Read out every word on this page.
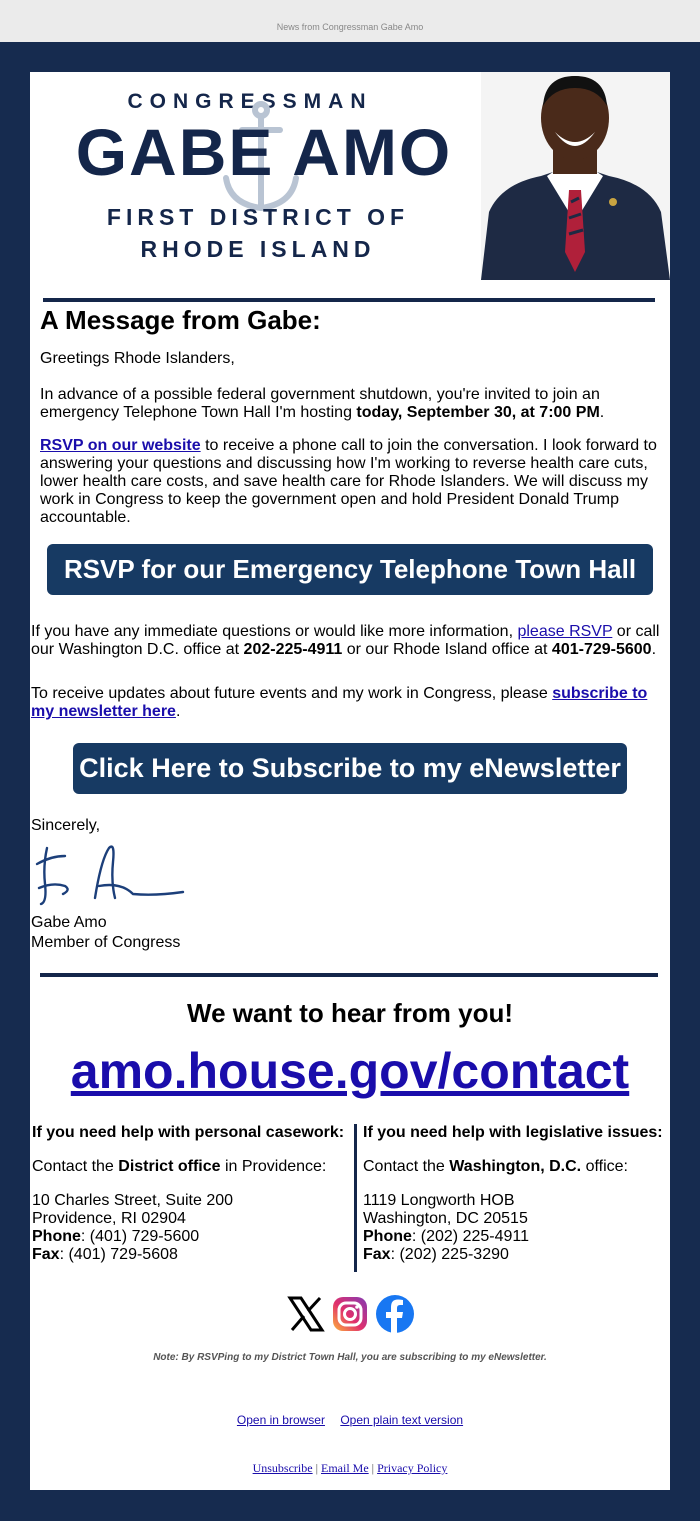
News from Congressman Gabe Amo
CONGRESSMAN
GABE AMO
FIRST DISTRICT OF
RHODE ISLAND
A Message from Gabe:
Greetings Rhode Islanders,
In advance of a possible federal government shutdown, you're invited to join an emergency Telephone Town Hall I'm hosting today, September 30, at 7:00 PM.
RSVP on our website to receive a phone call to join the conversation. I look forward to answering your questions and discussing how I'm working to reverse health care cuts, lower health care costs, and save health care for Rhode Islanders. We will discuss my work in Congress to keep the government open and hold President Donald Trump accountable.
RSVP for our Emergency Telephone Town Hall
If you have any immediate questions or would like more information, please RSVP or call our Washington D.C. office at 202-225-4911 or our Rhode Island office at 401-729-5600.
To receive updates about future events and my work in Congress, please subscribe to my newsletter here.
Click Here to Subscribe to my eNewsletter
Sincerely,
Gabe Amo
Member of Congress
We want to hear from you!
amo.house.gov/contact
If you need help with personal casework:
Contact the District office in Providence:
10 Charles Street, Suite 200
Providence, RI 02904
Phone: (401) 729-5600
Fax: (401) 729-5608
If you need help with legislative issues:
Contact the Washington, D.C. office:
1119 Longworth HOB
Washington, DC 20515
Phone: (202) 225-4911
Fax: (202) 225-3290
Note: By RSVPing to my District Town Hall, you are subscribing to my eNewsletter.
Open in browser Open plain text version
Unsubscribe | Email Me | Privacy Policy
